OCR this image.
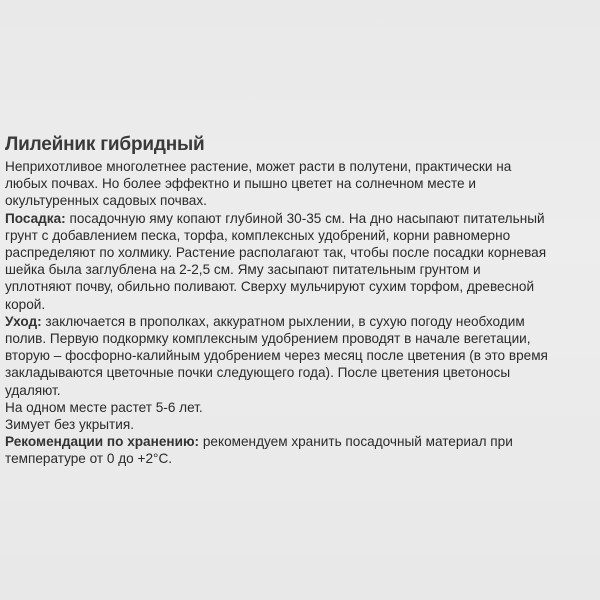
Лилейник гибридный
Неприхотливое многолетнее растение, может расти в полутени, практически на
любых почвах. Но более эффектно и пышно цветет на солнечном месте и
окультуренных садовых почвах.
Посадка: посадочную яму копают глубиной 30-35 см. На дно насыпают питательный
грунт с добавлением песка, торфа, комплексных удобрений, корни равномерно
распределяют по холмику. Растение располагают так, чтобы после посадки корневая
шейка была заглублена на 2-2,5 см. Яму засыпают питательным грунтом и
уплотняют почву, обильно поливают. Сверху мульчируют сухим торфом, древесной
корой.
Уход: заключается в прополках, аккуратном рыхлении, в сухую погоду необходим
полив. Первую подкормку комплексным удобрением проводят в начале вегетации,
вторую – фосфорно-калийным удобрением через месяц после цветения (в это время
закладываются цветочные почки следующего года). После цветения цветоносы
удаляют.
На одном месте растет 5-6 лет.
Зимует без укрытия.
Рекомендации по хранению: рекомендуем хранить посадочный материал при
температуре от 0 до +2°С.
